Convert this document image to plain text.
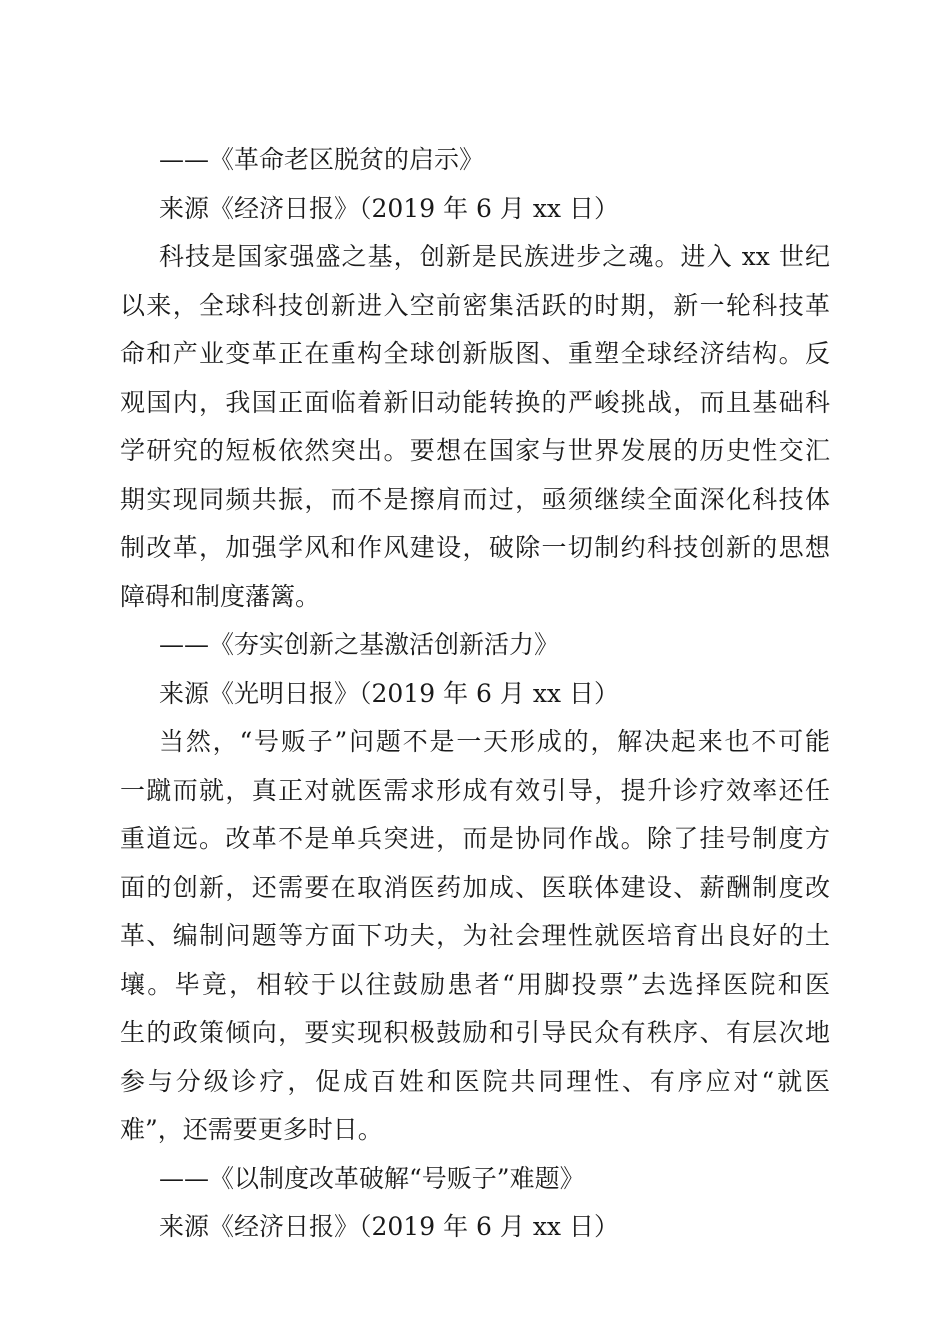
——《革命老区脱贫的启示》
来源《经济日报》（2019 年 6 月 xx 日）
科技是国家强盛之基，创新是民族进步之魂。进入 xx 世纪
以来，全球科技创新进入空前密集活跃的时期，新一轮科技革
命和产业变革正在重构全球创新版图、重塑全球经济结构。反
观国内，我国正面临着新旧动能转换的严峻挑战，而且基础科
学研究的短板依然突出。要想在国家与世界发展的历史性交汇
期实现同频共振，而不是擦肩而过，亟须继续全面深化科技体
制改革，加强学风和作风建设，破除一切制约科技创新的思想
障碍和制度藩篱。
——《夯实创新之基激活创新活力》
来源《光明日报》（2019 年 6 月 xx 日）
当然，“号贩子”问题不是一天形成的，解决起来也不可能
一蹴而就，真正对就医需求形成有效引导，提升诊疗效率还任
重道远。改革不是单兵突进，而是协同作战。除了挂号制度方
面的创新，还需要在取消医药加成、医联体建设、薪酬制度改
革、编制问题等方面下功夫，为社会理性就医培育出良好的土
壤。毕竟，相较于以往鼓励患者“用脚投票”去选择医院和医
生的政策倾向，要实现积极鼓励和引导民众有秩序、有层次地
参与分级诊疗，促成百姓和医院共同理性、有序应对“就医
难”，还需要更多时日。
——《以制度改革破解“号贩子”难题》
来源《经济日报》（2019 年 6 月 xx 日）
